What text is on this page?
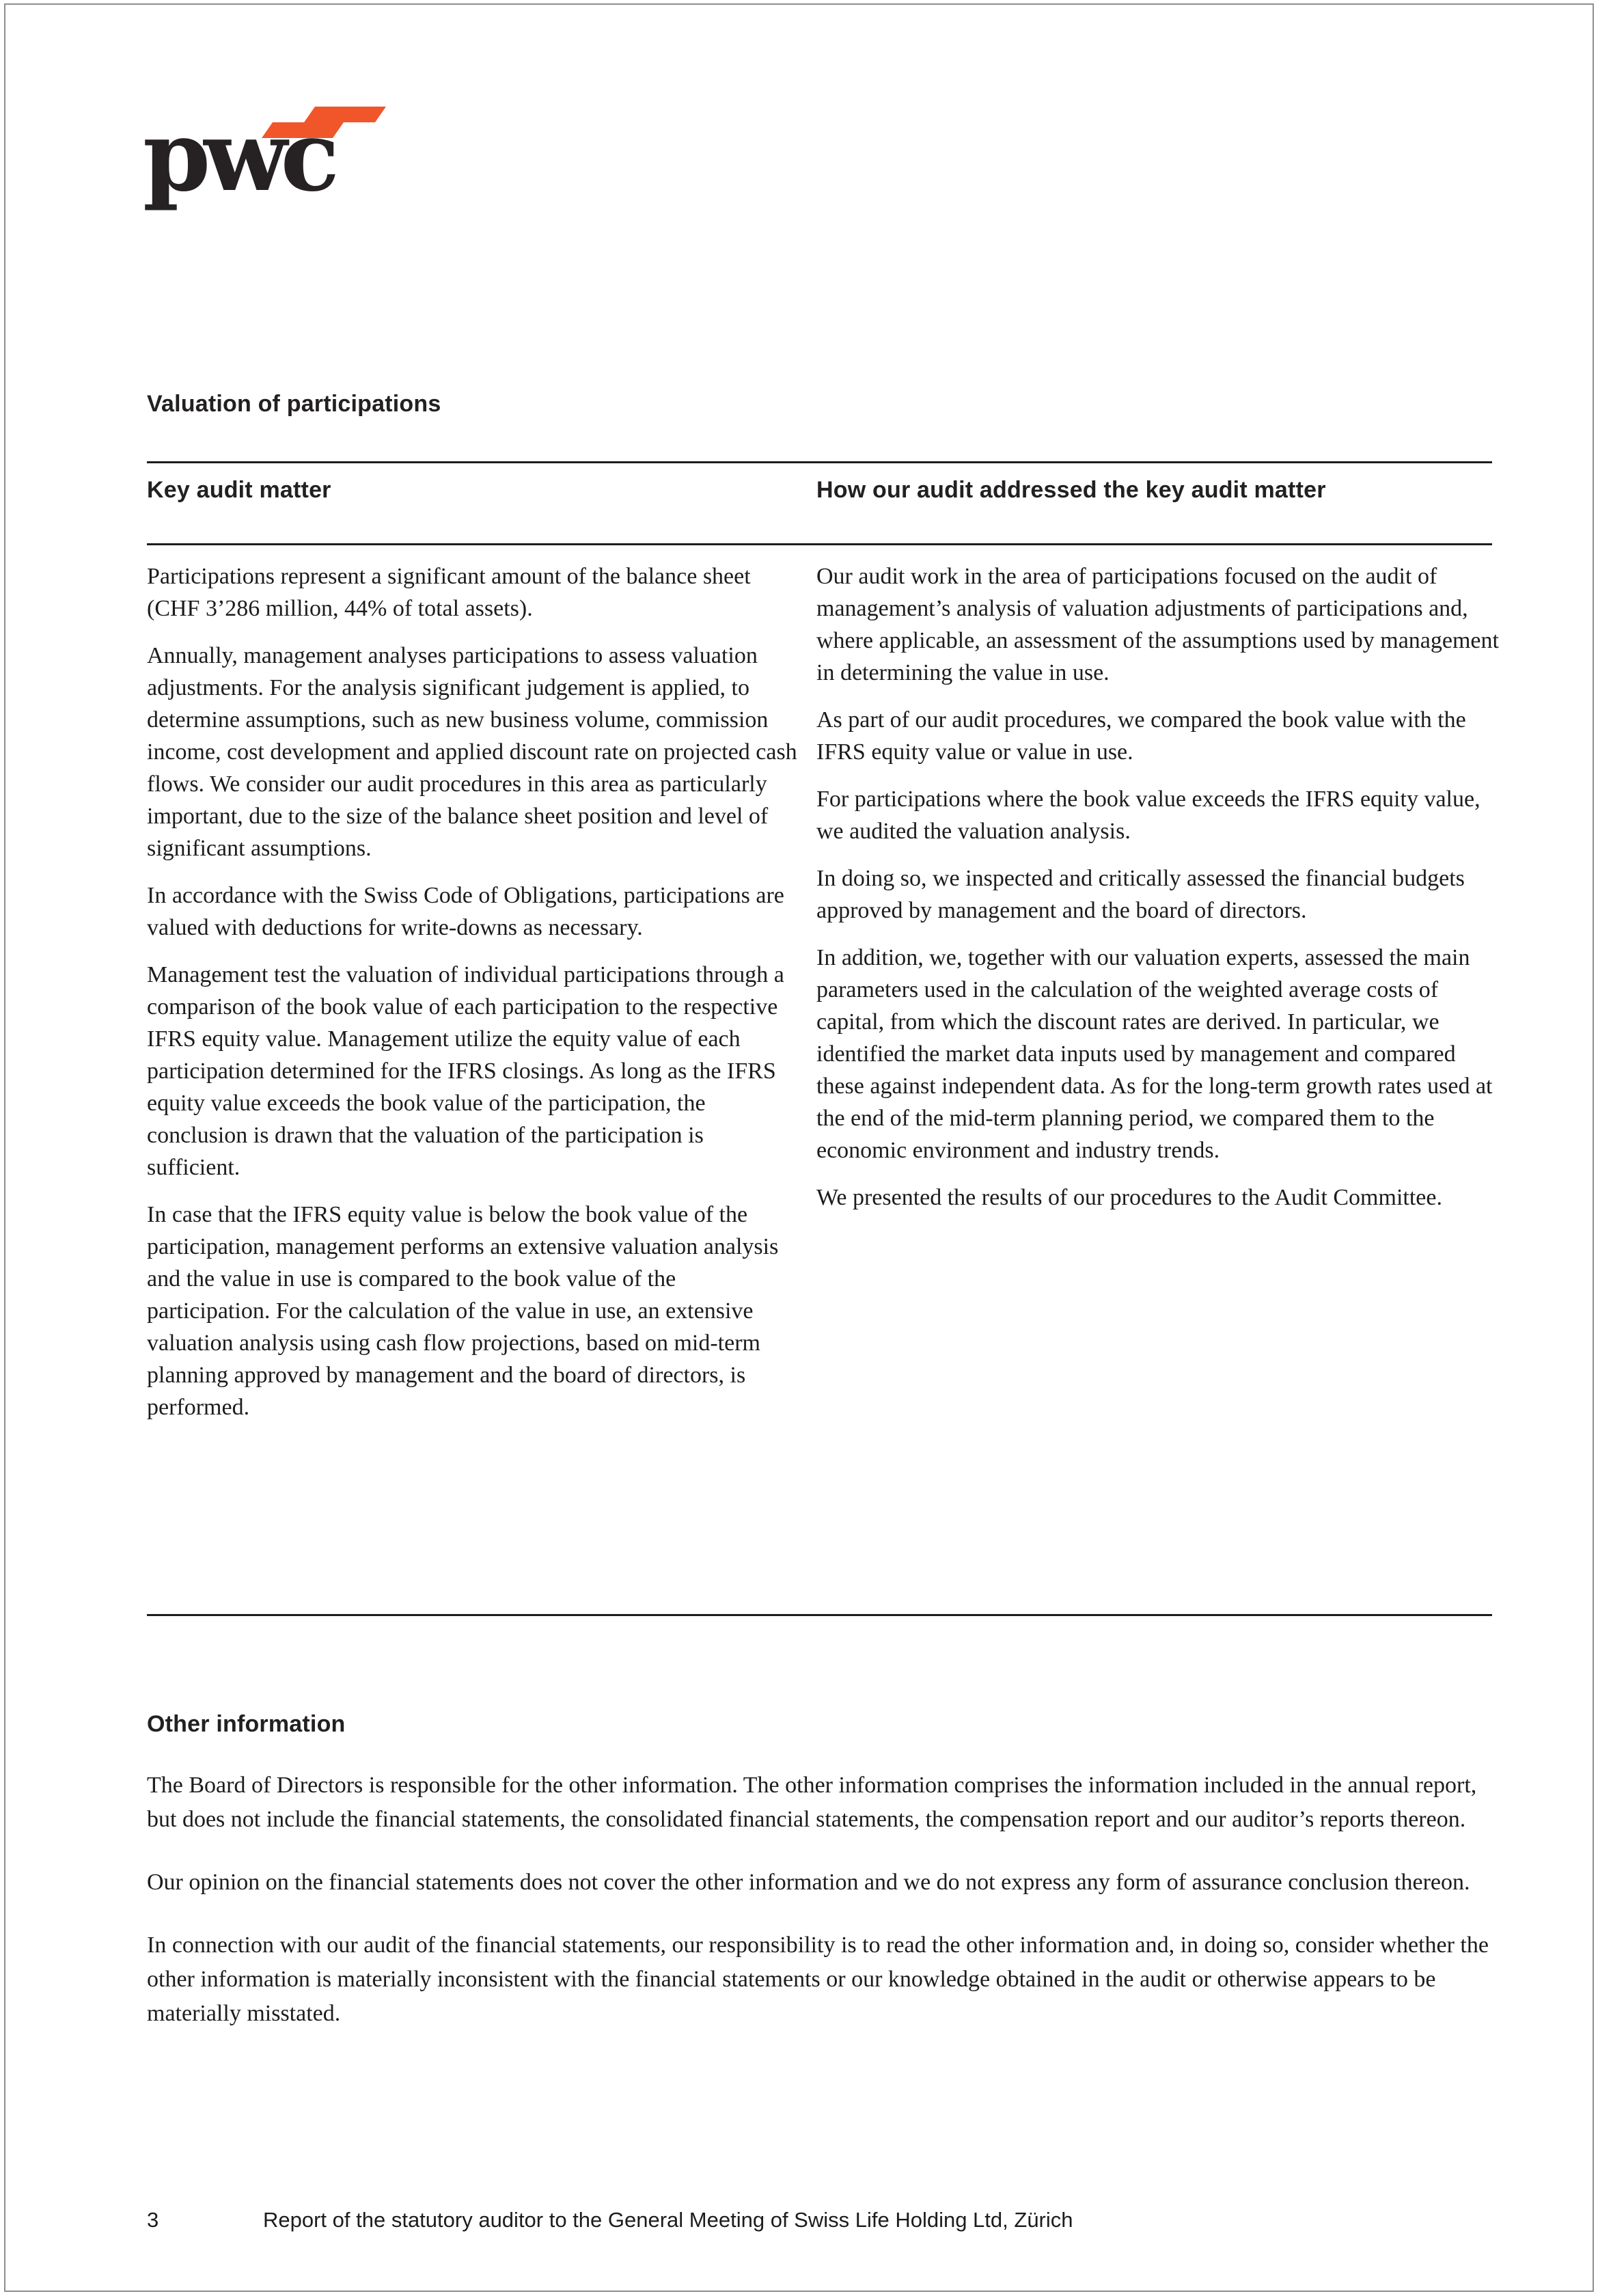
pwc
Valuation of participations
Key audit matter	How our audit addressed the key audit matter

Participations represent a significant amount of the balance sheet (CHF 3’286 million, 44% of total assets).

Annually, management analyses participations to assess valuation adjustments. For the analysis significant judgement is applied, to determine assumptions, such as new business volume, commission income, cost development and applied discount rate on projected cash flows. We consider our audit procedures in this area as particularly important, due to the size of the balance sheet position and level of significant assumptions.

In accordance with the Swiss Code of Obligations, participations are valued with deductions for write-downs as necessary.

Management test the valuation of individual participations through a comparison of the book value of each participation to the respective IFRS equity value. Management utilize the equity value of each participation determined for the IFRS closings. As long as the IFRS equity value exceeds the book value of the participation, the conclusion is drawn that the valuation of the participation is sufficient.

In case that the IFRS equity value is below the book value of the participation, management performs an extensive valuation analysis and the value in use is compared to the book value of the participation. For the calculation of the value in use, an extensive valuation analysis using cash flow projections, based on mid-term planning approved by management and the board of directors, is performed.

Our audit work in the area of participations focused on the audit of management’s analysis of valuation adjustments of participations and, where applicable, an assessment of the assumptions used by management in determining the value in use.

As part of our audit procedures, we compared the book value with the IFRS equity value or value in use.

For participations where the book value exceeds the IFRS equity value, we audited the valuation analysis.

In doing so, we inspected and critically assessed the financial budgets approved by management and the board of directors.

In addition, we, together with our valuation experts, assessed the main parameters used in the calculation of the weighted average costs of capital, from which the discount rates are derived. In particular, we identified the market data inputs used by management and compared these against independent data. As for the long-term growth rates used at the end of the mid-term planning period, we compared them to the economic environment and industry trends.

We presented the results of our procedures to the Audit Committee.

Other information

The Board of Directors is responsible for the other information. The other information comprises the information included in the annual report, but does not include the financial statements, the consolidated financial statements, the compensation report and our auditor’s reports thereon.

Our opinion on the financial statements does not cover the other information and we do not express any form of assurance conclusion thereon.

In connection with our audit of the financial statements, our responsibility is to read the other information and, in doing so, consider whether the other information is materially inconsistent with the financial statements or our knowledge obtained in the audit or otherwise appears to be materially misstated.

3	Report of the statutory auditor to the General Meeting of Swiss Life Holding Ltd, Zürich
